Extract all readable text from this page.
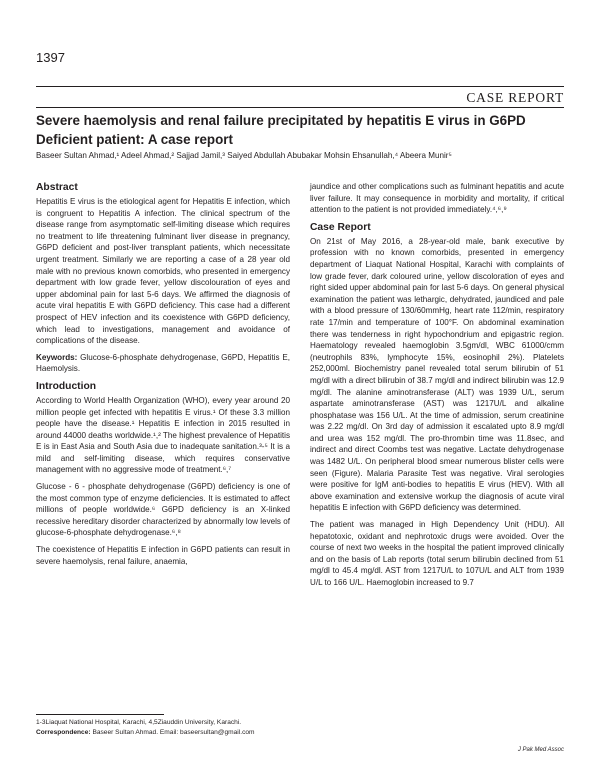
1397
CASE REPORT
Severe haemolysis and renal failure precipitated by hepatitis E virus in G6PD Deficient patient: A case report
Baseer Sultan Ahmad,¹ Adeel Ahmad,² Sajjad Jamil,³ Saiyed Abdullah Abubakar Mohsin Ehsanullah,⁴ Abeera Munir⁵
Abstract

Hepatitis E virus is the etiological agent for Hepatitis E infection, which is congruent to Hepatitis A infection. The clinical spectrum of the disease range from asymptomatic self-limiting disease which requires no treatment to life threatening fulminant liver disease in pregnancy, G6PD deficient and post-liver transplant patients, which necessitate urgent treatment. Similarly we are reporting a case of a 28 year old male with no previous known comorbids, who presented in emergency department with low grade fever, yellow discolouration of eyes and upper abdominal pain for last 5-6 days. We affirmed the diagnosis of acute viral hepatitis E with G6PD deficiency. This case had a different prospect of HEV infection and its coexistence with G6PD deficiency, which lead to investigations, management and avoidance of complications of the disease.

Keywords: Glucose-6-phosphate dehydrogenase, G6PD, Hepatitis E, Haemolysis.

Introduction

According to World Health Organization (WHO), every year around 20 million people get infected with hepatitis E virus.¹ Of these 3.3 million people have the disease.¹ Hepatitis E infection in 2015 resulted in around 44000 deaths worldwide.¹,² The highest prevalence of Hepatitis E is in East Asia and South Asia due to inadequate sanitation.³-⁵ It is a mild and self-limiting disease, which requires conservative management with no aggressive mode of treatment.⁶,⁷

Glucose - 6 - phosphate dehydrogenase (G6PD) deficiency is one of the most common type of enzyme deficiencies. It is estimated to affect millions of people worldwide.⁶ G6PD deficiency is an X-linked recessive hereditary disorder characterized by abnormally low levels of glucose-6-phosphate dehydrogenase.⁶,⁸

The coexistence of Hepatitis E infection in G6PD patients can result in severe haemolysis, renal failure, anaemia,

jaundice and other complications such as fulminant hepatitis and acute liver failure. It may consequence in morbidity and mortality, if critical attention to the patient is not provided immediately.⁴,⁶,⁹

Case Report

On 21st of May 2016, a 28-year-old male, bank executive by profession with no known comorbids, presented in emergency department of Liaquat National Hospital, Karachi with complaints of low grade fever, dark coloured urine, yellow discoloration of eyes and right sided upper abdominal pain for last 5-6 days. On general physical examination the patient was lethargic, dehydrated, jaundiced and pale with a blood pressure of 130/60mmHg, heart rate 112/min, respiratory rate 17/min and temperature of 100°F. On abdominal examination there was tenderness in right hypochondrium and epigastric region. Haematology revealed haemoglobin 3.5gm/dl, WBC 61000/cmm (neutrophils 83%, lymphocyte 15%, eosinophil 2%). Platelets 252,000ml. Biochemistry panel revealed total serum bilirubin of 51 mg/dl with a direct bilirubin of 38.7 mg/dl and indirect bilirubin was 12.9 mg/dl. The alanine aminotransferase (ALT) was 1939 U/L, serum aspartate aminotransferase (AST) was 1217U/L and alkaline phosphatase was 156 U/L. At the time of admission, serum creatinine was 2.22 mg/dl. On 3rd day of admission it escalated upto 8.9 mg/dl and urea was 152 mg/dl. The pro-thrombin time was 11.8sec, and indirect and direct Coombs test was negative. Lactate dehydrogenase was 1482 U/L. On peripheral blood smear numerous blister cells were seen (Figure). Malaria Parasite Test was negative. Viral serologies were positive for IgM anti-bodies to hepatitis E virus (HEV). With all above examination and extensive workup the diagnosis of acute viral hepatitis E infection with G6PD deficiency was determined.

The patient was managed in High Dependency Unit (HDU). All hepatotoxic, oxidant and nephrotoxic drugs were avoided. Over the course of next two weeks in the hospital the patient improved clinically and on the basis of Lab reports (total serum bilirubin declined from 51 mg/dl to 45.4 mg/dl. AST from 1217U/L to 107U/L and ALT from 1939 U/L to 166 U/L. Haemoglobin increased to 9.7

1-3Liaquat National Hospital, Karachi, 4,5Ziauddin University, Karachi.
Correspondence: Baseer Sultan Ahmad. Email: baseersultan@gmail.com
J Pak Med Assoc
